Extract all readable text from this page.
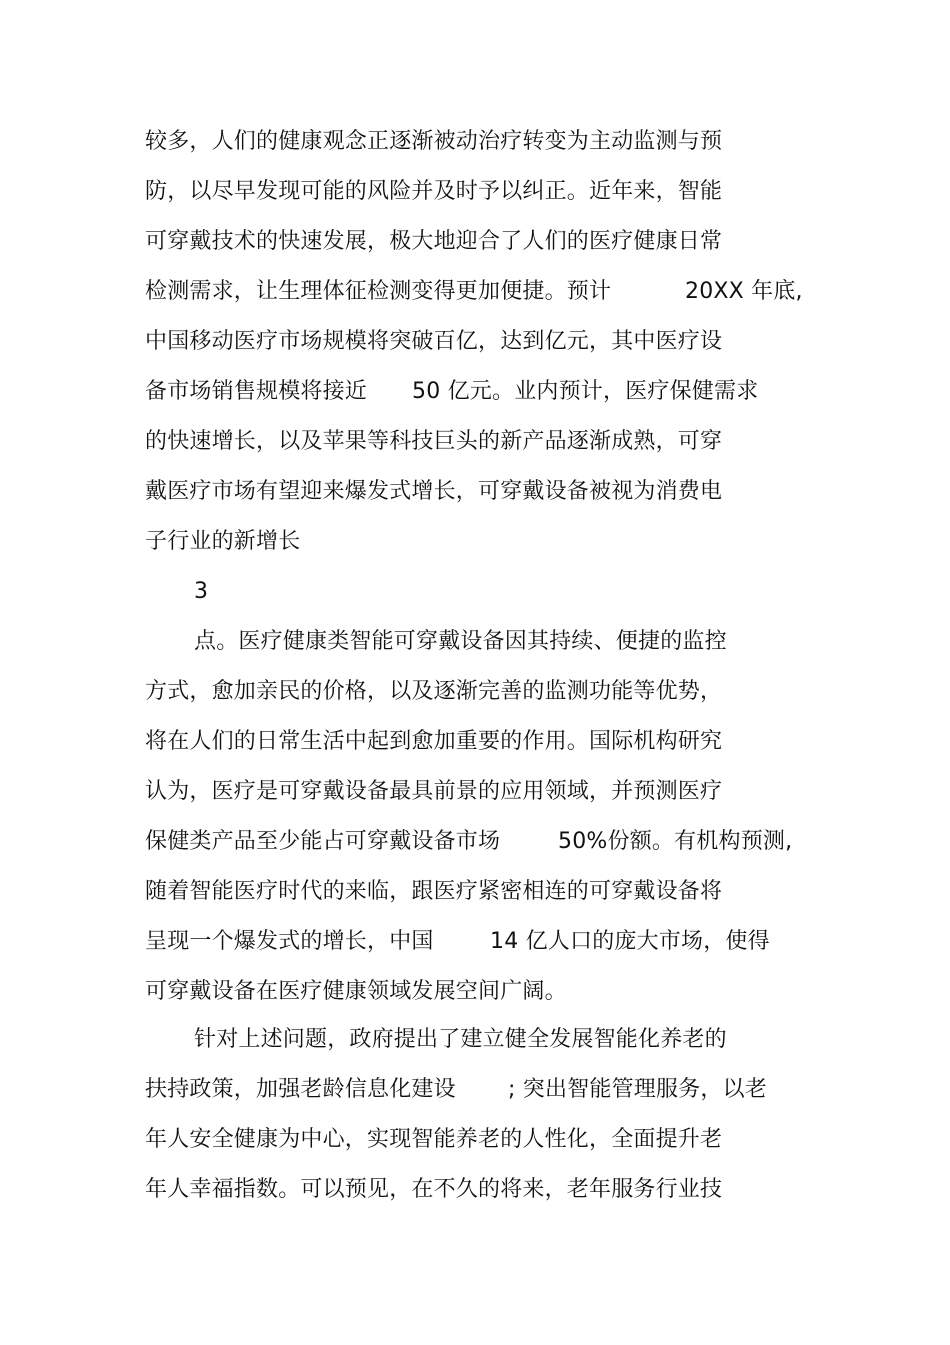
较多，人们的健康观念正逐渐被动治疗转变为主动监测与预
防，以尽早发现可能的风险并及时予以纠正。近年来，智能
可穿戴技术的快速发展，极大地迎合了人们的医疗健康日常
检测需求，让生理体征检测变得更加便捷。预计	20XX 年底,
中国移动医疗市场规模将突破百亿，达到亿元，其中医疗设
备市场销售规模将接近 50 亿元。业内预计，医疗保健需求
的快速增长，以及苹果等科技巨头的新产品逐渐成熟，可穿
戴医疗市场有望迎来爆发式增长，可穿戴设备被视为消费电
子行业的新增长
3
点。医疗健康类智能可穿戴设备因其持续、便捷的监控
方式，愈加亲民的价格，以及逐渐完善的监测功能等优势，
将在人们的日常生活中起到愈加重要的作用。国际机构研究
认为，医疗是可穿戴设备最具前景的应用领域，并预测医疗
保健类产品至少能占可穿戴设备市场	50%份额。有机构预测,
随着智能医疗时代的来临，跟医疗紧密相连的可穿戴设备将
呈现一个爆发式的增长，中国	14 亿人口的庞大市场，使得
可穿戴设备在医疗健康领域发展空间广阔。
针对上述问题，政府提出了建立健全发展智能化养老的
扶持政策，加强老龄信息化建设 ; 突出智能管理服务，以老
年人安全健康为中心，实现智能养老的人性化，全面提升老
年人幸福指数。可以预见，在不久的将来，老年服务行业技
